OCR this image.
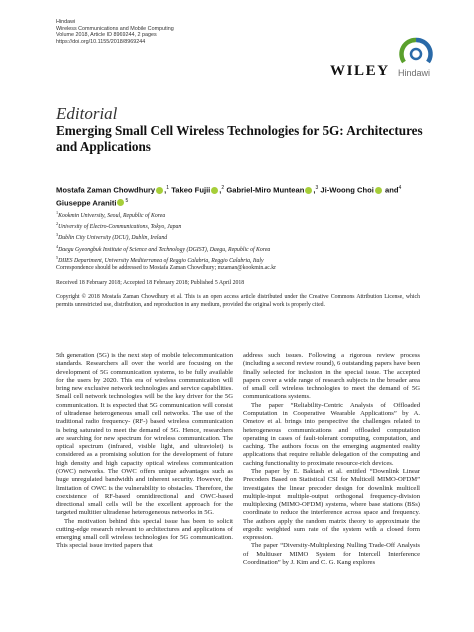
Hindawi
Wireless Communications and Mobile Computing
Volume 2018, Article ID 8969244, 2 pages
https://doi.org/10.1155/2018/8969244
WILEY Hindawi
Editorial
Emerging Small Cell Wireless Technologies for 5G: Architectures and Applications
Mostafa Zaman Chowdhury ,$^1$ Takeo Fujii ,$^2$ Gabriel-Miro Muntean ,$^3$ Ji-Woong Choi and$^4$ Giuseppe Araniti $^5$
$^1$Kookmin University, Seoul, Republic of Korea
$^2$University of Electro-Communications, Tokyo, Japan
$^3$Dublin City University (DCU), Dublin, Ireland
$^4$Daegu Gyeongbuk Institute of Science and Technology (DGIST), Daegu, Republic of Korea
$^5$DIIES Department, University Mediterranea of Reggio Calabria, Reggio Calabria, Italy
Correspondence should be addressed to Mostafa Zaman Chowdhury; mzaman@kookmin.ac.kr
Received 18 February 2018; Accepted 18 February 2018; Published 5 April 2018
Copyright © 2018 Mostafa Zaman Chowdhury et al. This is an open access article distributed under the Creative Commons Attribution License, which permits unrestricted use, distribution, and reproduction in any medium, provided the original work is properly cited.

5th generation (5G) is the next step of mobile telecommunication standards. Researchers all over the world are focusing on the development of 5G communication systems, to be fully available for the users by 2020. This era of wireless communication will bring new exclusive network technologies and service capabilities. Small cell network technologies will be the key driver for the 5G communication. It is expected that 5G communication will consist of ultradense heterogeneous small cell networks. The use of the traditional radio frequency- (RF-) based wireless communication is being saturated to meet the demand of 5G. Hence, researchers are searching for new spectrum for wireless communication. The optical spectrum (infrared, visible light, and ultraviolet) is considered as a promising solution for the development of future high density and high capacity optical wireless communication (OWC) networks. The OWC offers unique advantages such as huge unregulated bandwidth and inherent security. However, the limitation of OWC is the vulnerability to obstacles. Therefore, the coexistence of RF-based omnidirectional and OWC-based directional small cells will be the excellent approach for the targeted multitier ultradense heterogeneous networks in 5G.

The motivation behind this special issue has been to solicit cutting-edge research relevant to architectures and applications of emerging small cell wireless technologies for 5G communication. This special issue invited papers that

address such issues. Following a rigorous review process (including a second review round), 6 outstanding papers have been finally selected for inclusion in the special issue. The accepted papers cover a wide range of research subjects in the broader area of small cell wireless technologies to meet the demand of 5G communications systems.

The paper “Reliability-Centric Analysis of Offloaded Computation in Cooperative Wearable Applications” by A. Ometov et al. brings into perspective the challenges related to heterogeneous communications and offloaded computation operating in cases of fault-tolerant computing, computation, and caching. The authors focus on the emerging augmented reality applications that require reliable delegation of the computing and caching functionality to proximate resource-rich devices.

The paper by E. Baktash et al. entitled “Downlink Linear Precoders Based on Statistical CSI for Multicell MIMO-OFDM” investigates the linear precoder design for downlink multicell multiple-input multiple-output orthogonal frequency-division multiplexing (MIMO-OFDM) systems, where base stations (BSs) coordinate to reduce the interference across space and frequency. The authors apply the random matrix theory to approximate the ergodic weighted sum rate of the system with a closed form expression.

The paper “Diversity-Multiplexing Nulling Trade-Off Analysis of Multiuser MIMO System for Intercell Interference Coordination” by J. Kim and C. G. Kang explores
